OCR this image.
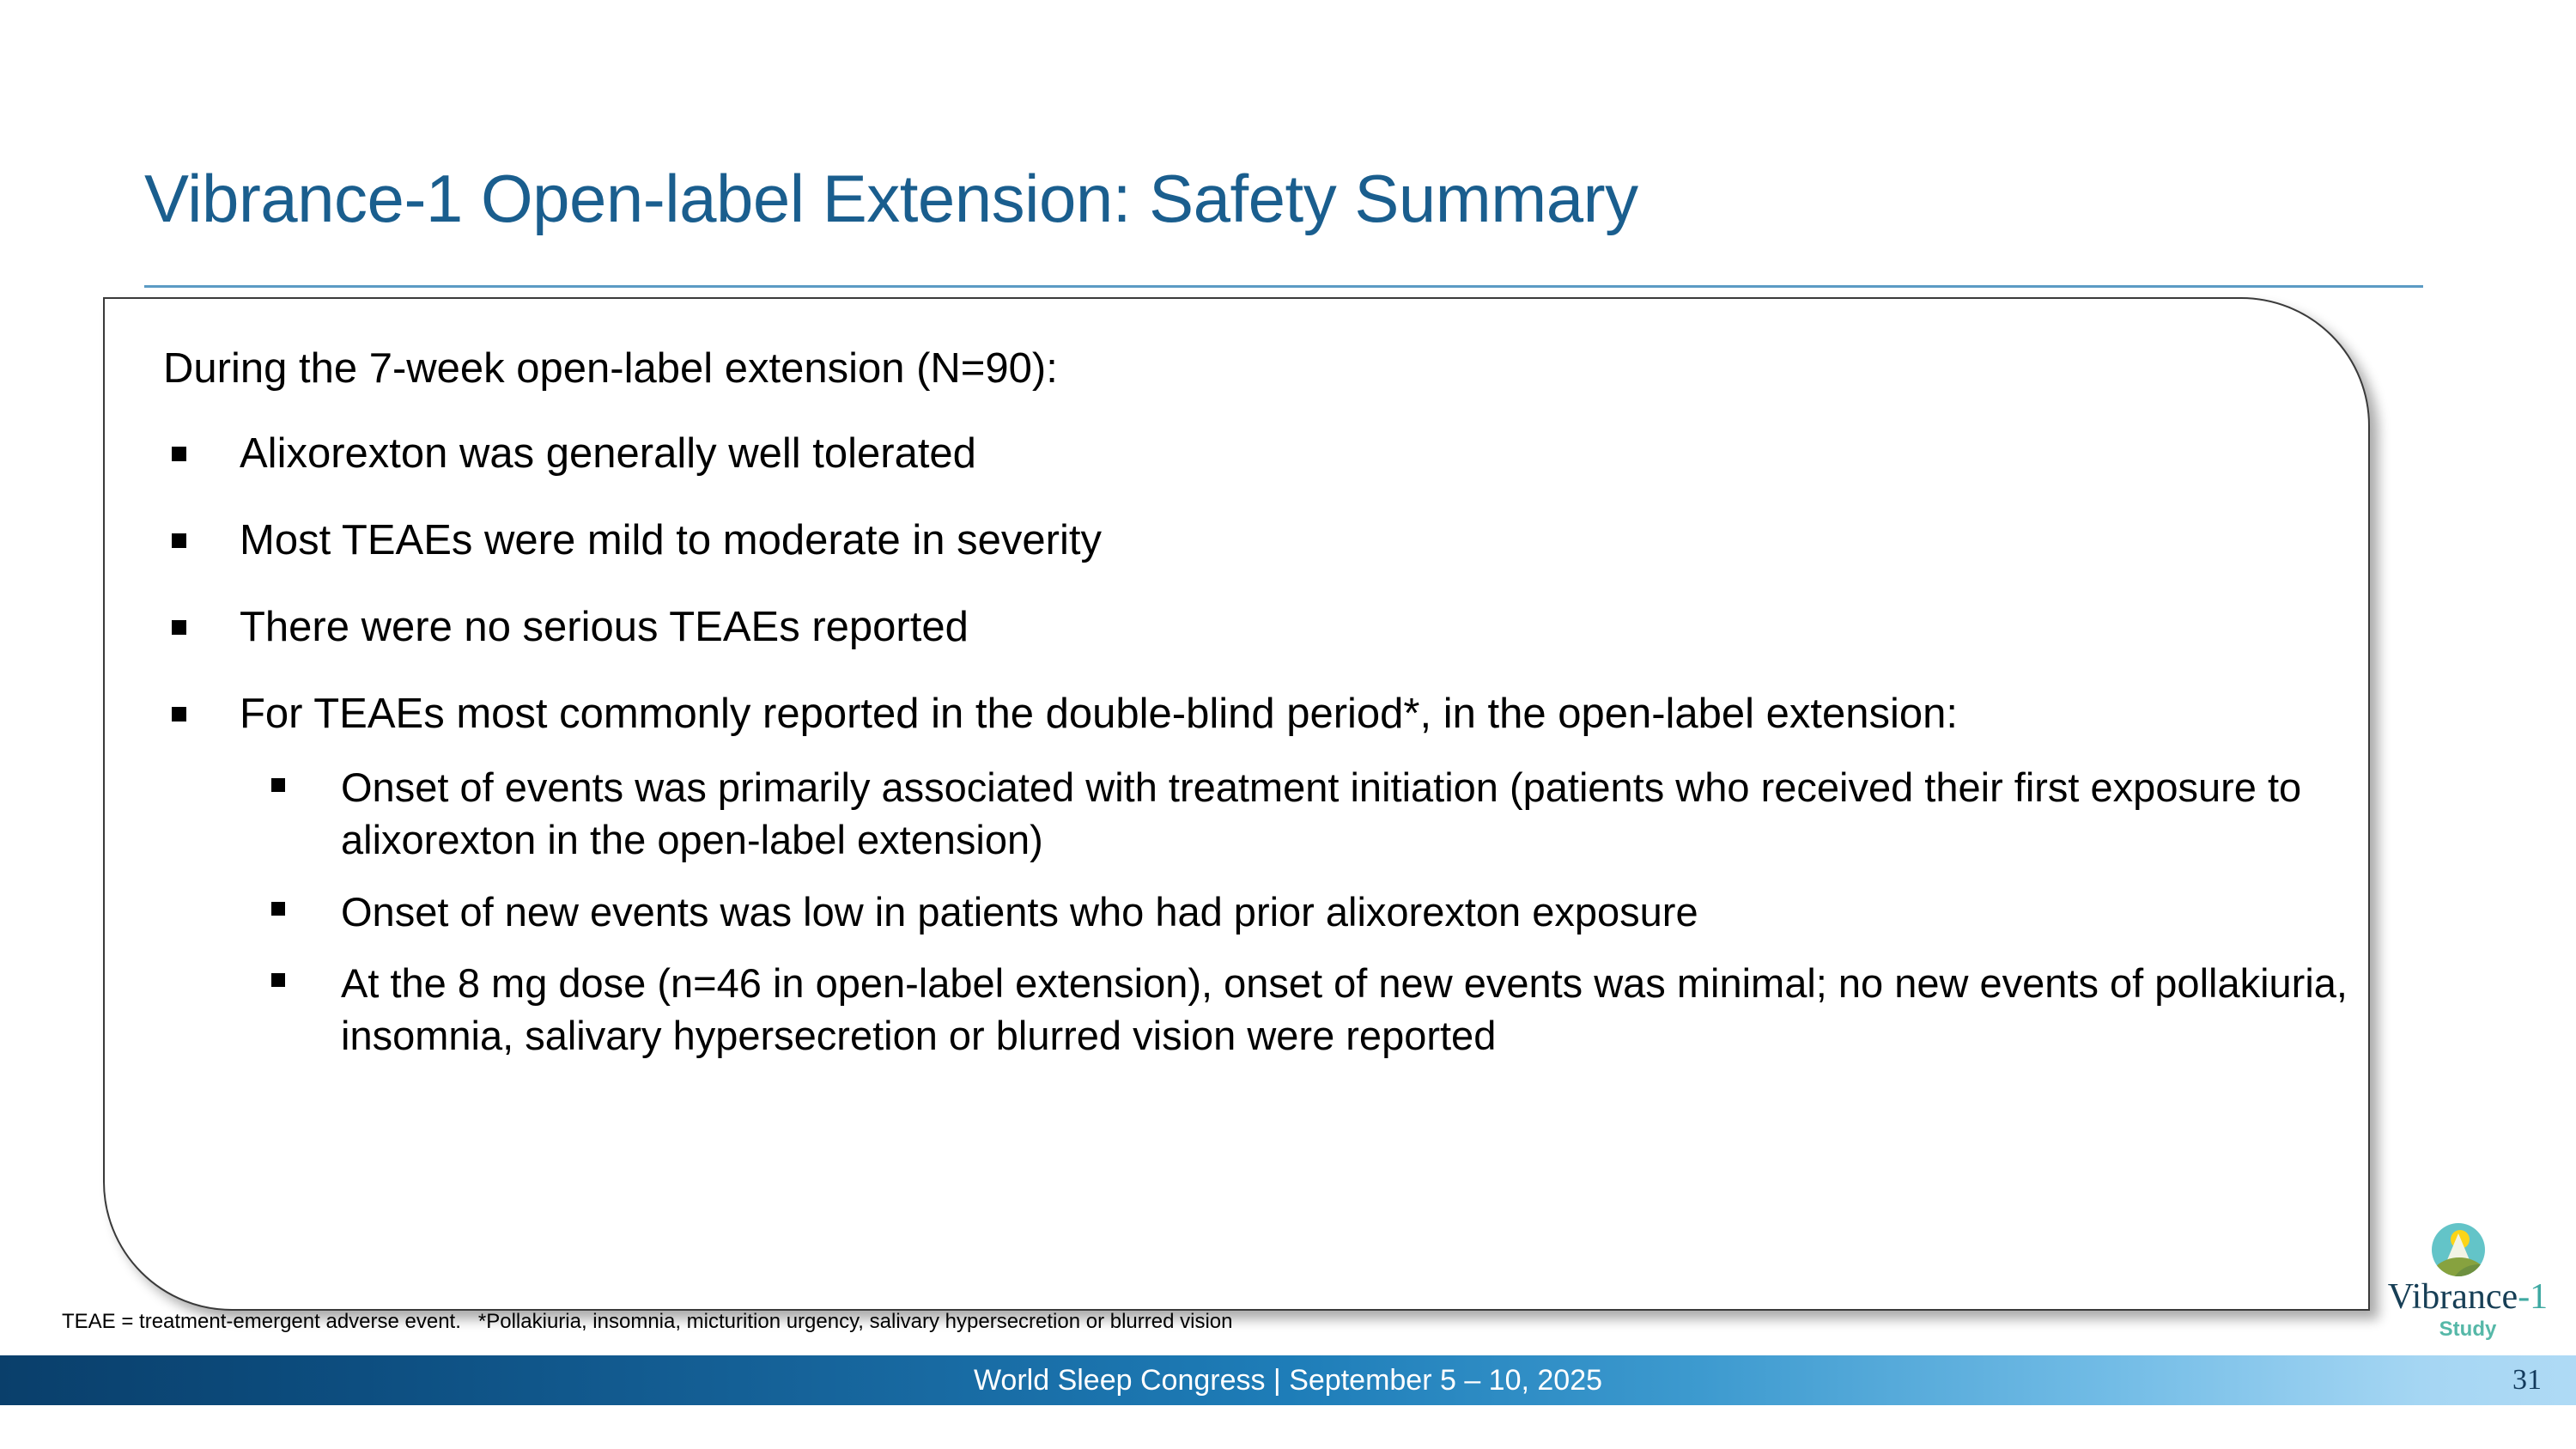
Vibrance-1 Open-label Extension: Safety Summary

During the 7-week open-label extension (N=90):

Alixorexton was generally well tolerated
Most TEAEs were mild to moderate in severity
There were no serious TEAEs reported
For TEAEs most commonly reported in the double-blind period*, in the open-label extension:
Onset of events was primarily associated with treatment initiation (patients who received their first exposure to alixorexton in the open-label extension)
Onset of new events was low in patients who had prior alixorexton exposure
At the 8 mg dose (n=46 in open-label extension), onset of new events was minimal; no new events of pollakiuria, insomnia, salivary hypersecretion or blurred vision were reported
TEAE = treatment-emergent adverse event.   *Pollakiuria, insomnia, micturition urgency, salivary hypersecretion or blurred vision
Vibrance-1
Study
World Sleep Congress | September 5 – 10, 2025	31
